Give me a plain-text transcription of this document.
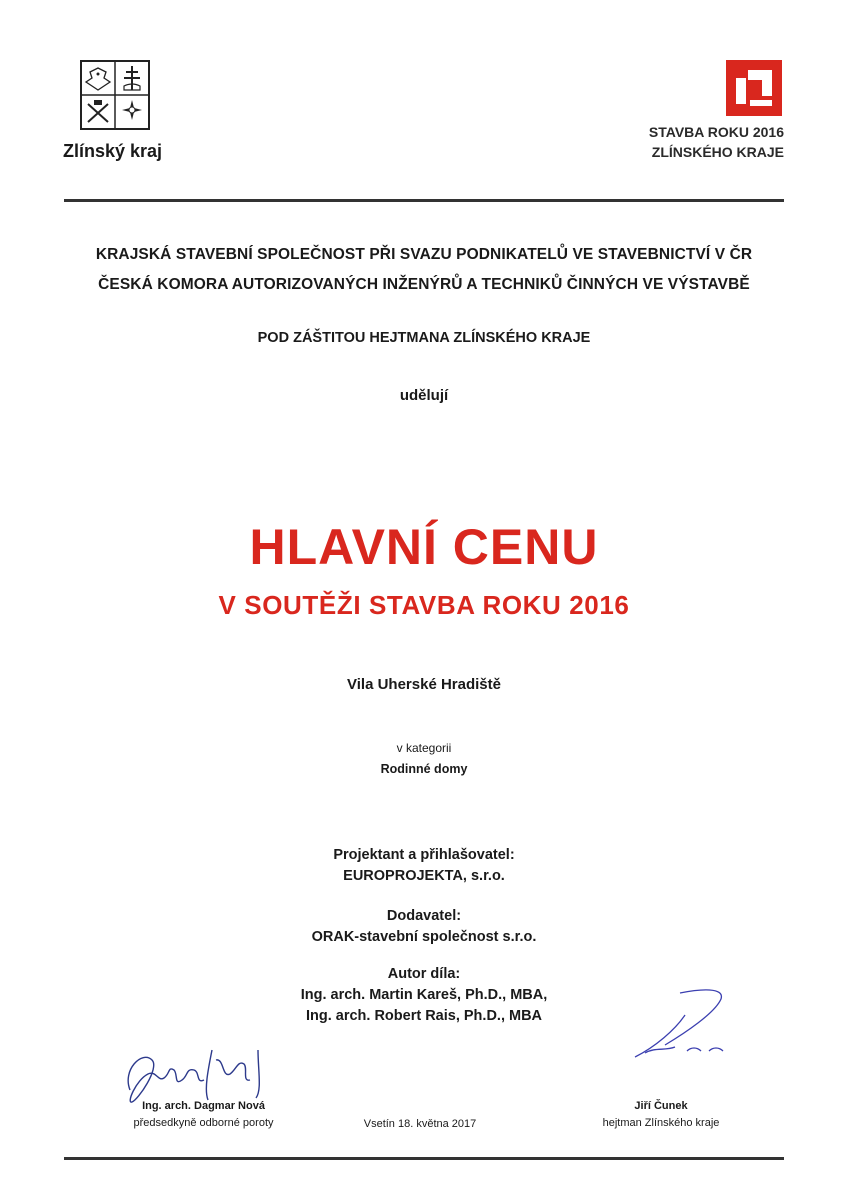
Zlínský kraj
STAVBA ROKU 2016
ZLÍNSKÉHO KRAJE
KRAJSKÁ STAVEBNÍ SPOLEČNOST PŘI SVAZU PODNIKATELŮ VE STAVEBNICTVÍ V ČR
ČESKÁ KOMORA AUTORIZOVANÝCH INŽENÝRŮ A TECHNIKŮ ČINNÝCH VE VÝSTAVBĚ
POD ZÁŠTITOU HEJTMANA ZLÍNSKÉHO KRAJE
udělují
HLAVNÍ CENU
V SOUTĚŽI STAVBA ROKU 2016
Vila Uherské Hradiště
v kategorii
Rodinné domy
Projektant a přihlašovatel:
EUROPROJEKTA, s.r.o.
Dodavatel:
ORAK-stavební společnost s.r.o.
Autor díla:
Ing. arch. Martin Kareš, Ph.D., MBA,
Ing. arch. Robert Rais, Ph.D., MBA
Ing. arch. Dagmar Nová
předsedkyně odborné poroty	Vsetín 18. května 2017
Jiří Čunek
hejtman Zlínského kraje
